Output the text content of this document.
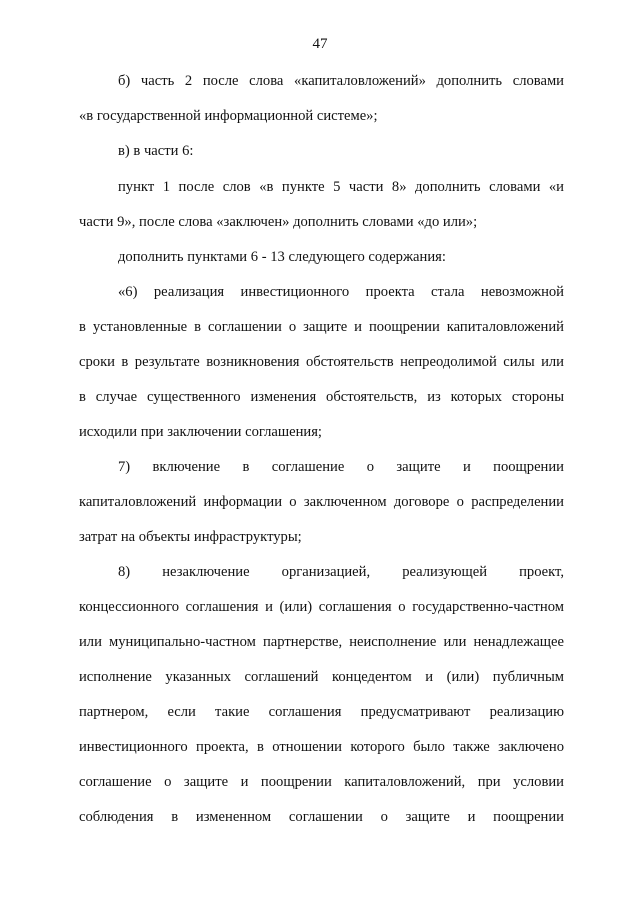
47
б) часть 2 после слова «капиталовложений» дополнить словами
«в государственной информационной системе»;
в) в части 6:
пункт 1 после слов «в пункте 5 части 8» дополнить словами «и
части 9», после слова «заключен» дополнить словами «до или»;
дополнить пунктами 6 - 13 следующего содержания:
«6) реализация инвестиционного проекта стала невозможной
в установленные в соглашении о защите и поощрении капиталовложений
сроки в результате возникновения обстоятельств непреодолимой силы или
в случае существенного изменения обстоятельств, из которых стороны
исходили при заключении соглашения;
7) включение в соглашение о защите и поощрении
капиталовложений информации о заключенном договоре о распределении
затрат на объекты инфраструктуры;
8) незаключение организацией, реализующей проект,
концессионного соглашения и (или) соглашения о государственно-частном
или муниципально-частном партнерстве, неисполнение или ненадлежащее
исполнение указанных соглашений концедентом и (или) публичным
партнером, если такие соглашения предусматривают реализацию
инвестиционного проекта, в отношении которого было также заключено
соглашение о защите и поощрении капиталовложений, при условии
соблюдения в измененном соглашении о защите и поощрении
